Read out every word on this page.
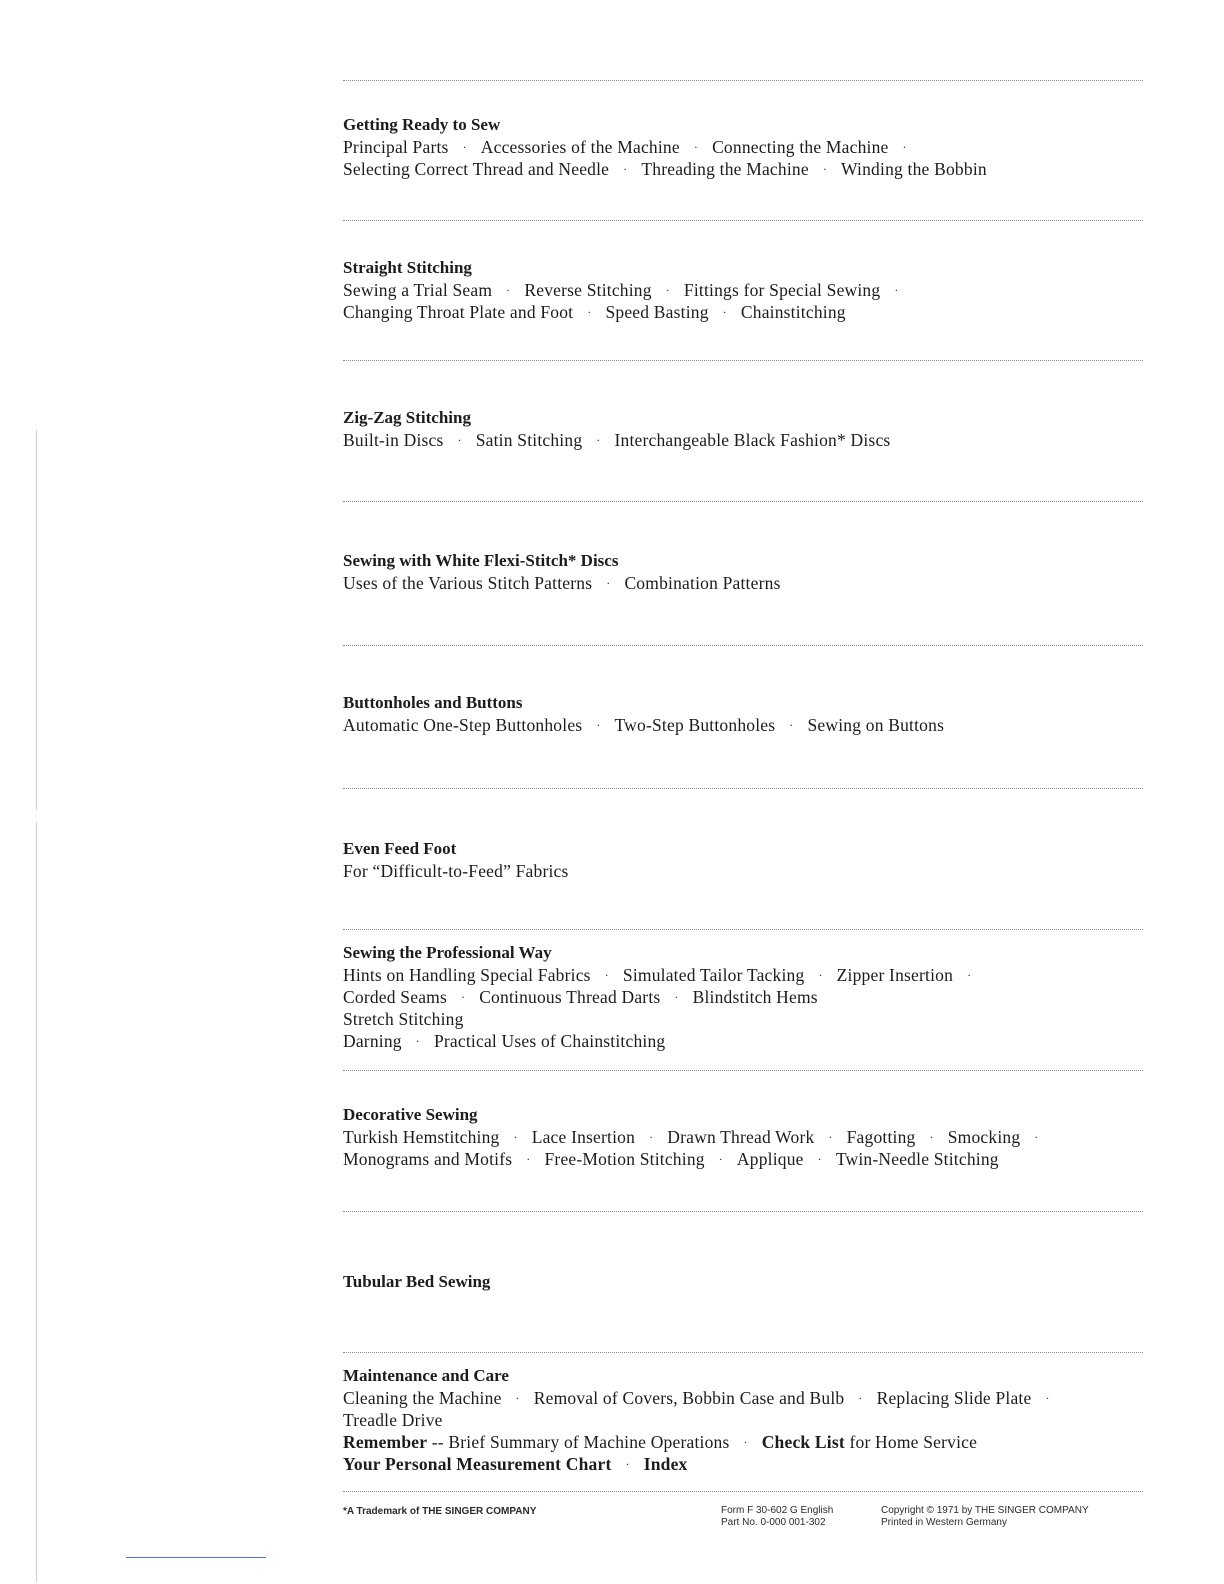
Getting Ready to Sew
Principal Parts · Accessories of the Machine · Connecting the Machine ·
Selecting Correct Thread and Needle · Threading the Machine · Winding the Bobbin
Straight Stitching
Sewing a Trial Seam · Reverse Stitching · Fittings for Special Sewing ·
Changing Throat Plate and Foot · Speed Basting · Chainstitching
Zig-Zag Stitching
Built-in Discs · Satin Stitching · Interchangeable Black Fashion* Discs
Sewing with White Flexi-Stitch* Discs
Uses of the Various Stitch Patterns · Combination Patterns
Buttonholes and Buttons
Automatic One-Step Buttonholes · Two-Step Buttonholes · Sewing on Buttons
Even Feed Foot
For “Difficult-to-Feed” Fabrics
Sewing the Professional Way
Hints on Handling Special Fabrics · Simulated Tailor Tacking · Zipper Insertion ·
Corded Seams · Continuous Thread Darts · Blindstitch Hems
Stretch Stitching
Darning · Practical Uses of Chainstitching
Decorative Sewing
Turkish Hemstitching · Lace Insertion · Drawn Thread Work · Fagotting · Smocking ·
Monograms and Motifs · Free-Motion Stitching · Applique · Twin-Needle Stitching
Tubular Bed Sewing
Maintenance and Care
Cleaning the Machine · Removal of Covers, Bobbin Case and Bulb · Replacing Slide Plate ·
Treadle Drive
Remember -- Brief Summary of Machine Operations · Check List for Home Service
Your Personal Measurement Chart · Index
*A Trademark of THE SINGER COMPANY	Form F 30-602 G English
Part No. 0-000 001-302
Copyright © 1971 by THE SINGER COMPANY
Printed in Western Germany
